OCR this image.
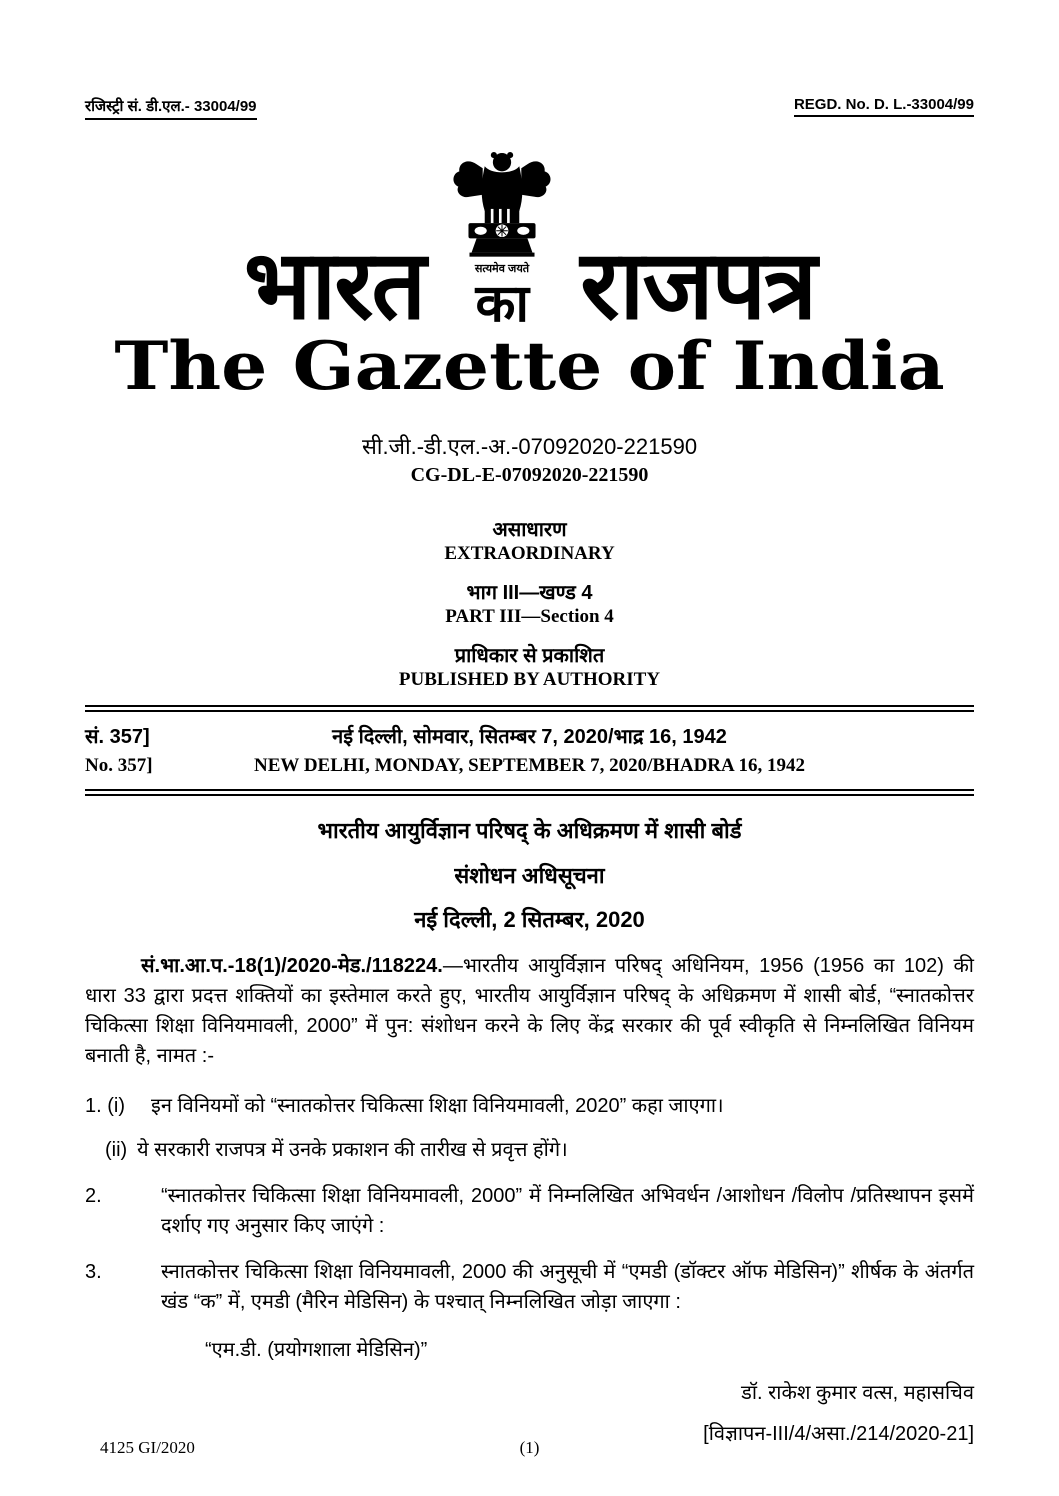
रजिस्ट्री सं. डी.एल.- 33004/99	REGD. No. D. L.-33004/99
भारत	सत्यमेव जयते
का राजपत्र
The Gazette of India
सी.जी.-डी.एल.-अ.-07092020-221590
CG-DL-E-07092020-221590
असाधारण
EXTRAORDINARY
भाग III—खण्ड 4
PART III—Section 4
प्राधिकार से प्रकाशित
PUBLISHED BY AUTHORITY
सं. 357]	नई दिल्ली, सोमवार, सितम्बर 7, 2020/भाद्र 16, 1942
No. 357]	NEW DELHI, MONDAY, SEPTEMBER 7, 2020/BHADRA 16, 1942
भारतीय आयुर्विज्ञान परिषद् के अधिक्रमण में शासी बोर्ड
संशोधन अधिसूचना
नई दिल्ली, 2 सितम्बर, 2020

सं.भा.आ.प.-18(1)/2020-मेड./118224.—भारतीय आयुर्विज्ञान परिषद् अधिनियम, 1956 (1956 का 102) की धारा 33 द्वारा प्रदत्त शक्तियों का इस्तेमाल करते हुए, भारतीय आयुर्विज्ञान परिषद् के अधिक्रमण में शासी बोर्ड, “स्नातकोत्तर चिकित्सा शिक्षा विनियमावली, 2000” में पुन: संशोधन करने के लिए केंद्र सरकार की पूर्व स्वीकृति से निम्नलिखित विनियम बनाती है, नामत :-

1. (i) इन विनियमों को “स्नातकोत्तर चिकित्सा शिक्षा विनियमावली, 2020” कहा जाएगा।
(ii) ये सरकारी राजपत्र में उनके प्रकाशन की तारीख से प्रवृत्त होंगे।
2.	“स्नातकोत्तर चिकित्सा शिक्षा विनियमावली, 2000” में निम्नलिखित अभिवर्धन /आशोधन /विलोप /प्रतिस्थापन इसमें दर्शाए गए अनुसार किए जाएंगे :
3.	स्नातकोत्तर चिकित्सा शिक्षा विनियमावली, 2000 की अनुसूची में “एमडी (डॉक्टर ऑफ मेडिसिन)” शीर्षक के अंतर्गत खंड “क” में, एमडी (मैरिन मेडिसिन) के पश्चात् निम्नलिखित जोड़ा जाएगा :
“एम.डी. (प्रयोगशाला मेडिसिन)”
डॉ. राकेश कुमार वत्स, महासचिव
[विज्ञापन-III/4/असा./214/2020-21]
4125 GI/2020	(1)
